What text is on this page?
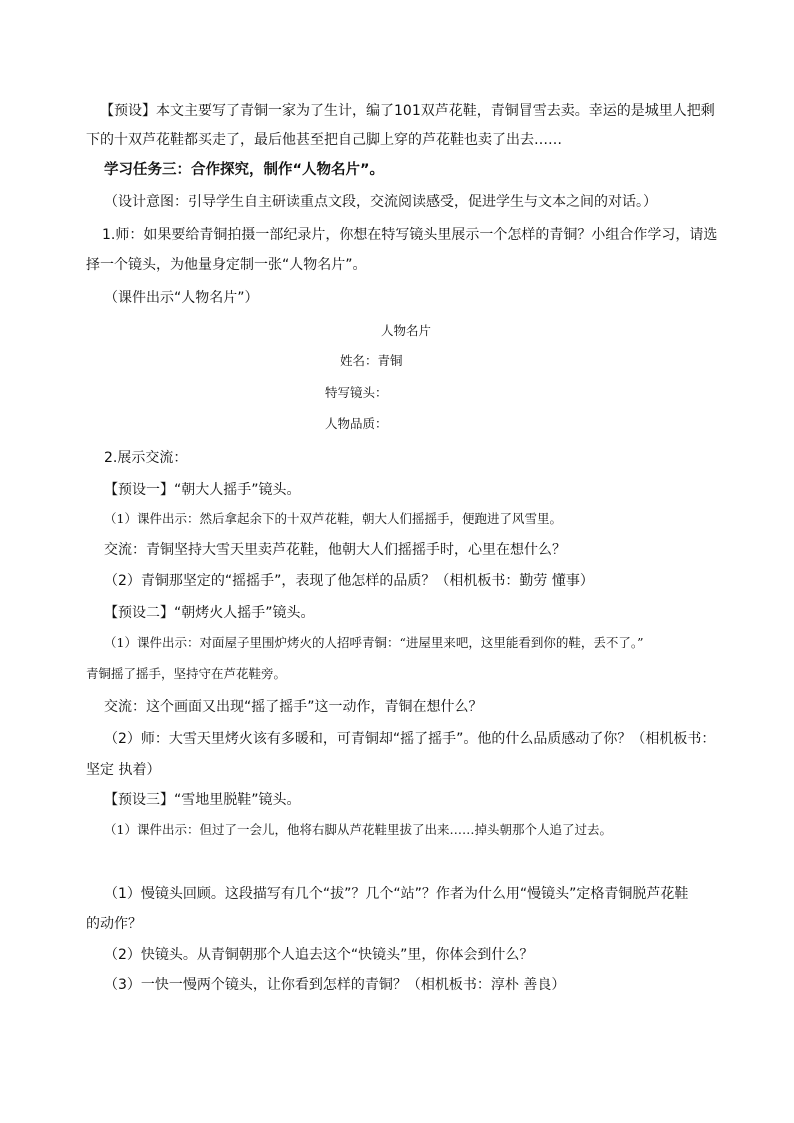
【预设】本文主要写了青铜一家为了生计，编了101双芦花鞋，青铜冒雪去卖。幸运的是城里人把剩
下的十双芦花鞋都买走了，最后他甚至把自己脚上穿的芦花鞋也卖了出去……
学习任务三：合作探究，制作“人物名片”。
（设计意图：引导学生自主研读重点文段，交流阅读感受，促进学生与文本之间的对话。）
1.师：如果要给青铜拍摄一部纪录片，你想在特写镜头里展示一个怎样的青铜？小组合作学习，请选
择一个镜头，为他量身定制一张“人物名片”。
（课件出示“人物名片”）
人物名片
姓名：青铜
特写镜头：
人物品质：
2.展示交流：
【预设一】“朝大人摇手”镜头。
（1）课件出示：然后拿起余下的十双芦花鞋，朝大人们摇摇手，便跑进了风雪里。
交流：青铜坚持大雪天里卖芦花鞋，他朝大人们摇摇手时，心里在想什么？
（2）青铜那坚定的“摇摇手”，表现了他怎样的品质？（相机板书：勤劳 懂事）
【预设二】“朝烤火人摇手”镜头。
（1）课件出示：对面屋子里围炉烤火的人招呼青铜：“进屋里来吧，这里能看到你的鞋，丢不了。”
青铜摇了摇手，坚持守在芦花鞋旁。
交流：这个画面又出现“摇了摇手”这一动作，青铜在想什么？
（2）师：大雪天里烤火该有多暖和，可青铜却“摇了摇手”。他的什么品质感动了你？（相机板书：
坚定 执着）
【预设三】“雪地里脱鞋”镜头。
（1）课件出示：但过了一会儿，他将右脚从芦花鞋里拔了出来……掉头朝那个人追了过去。
（1）慢镜头回顾。这段描写有几个“拔”？几个“站”？作者为什么用“慢镜头”定格青铜脱芦花鞋
的动作？
（2）快镜头。从青铜朝那个人追去这个“快镜头”里，你体会到什么？
（3）一快一慢两个镜头，让你看到怎样的青铜？（相机板书：淳朴 善良）
